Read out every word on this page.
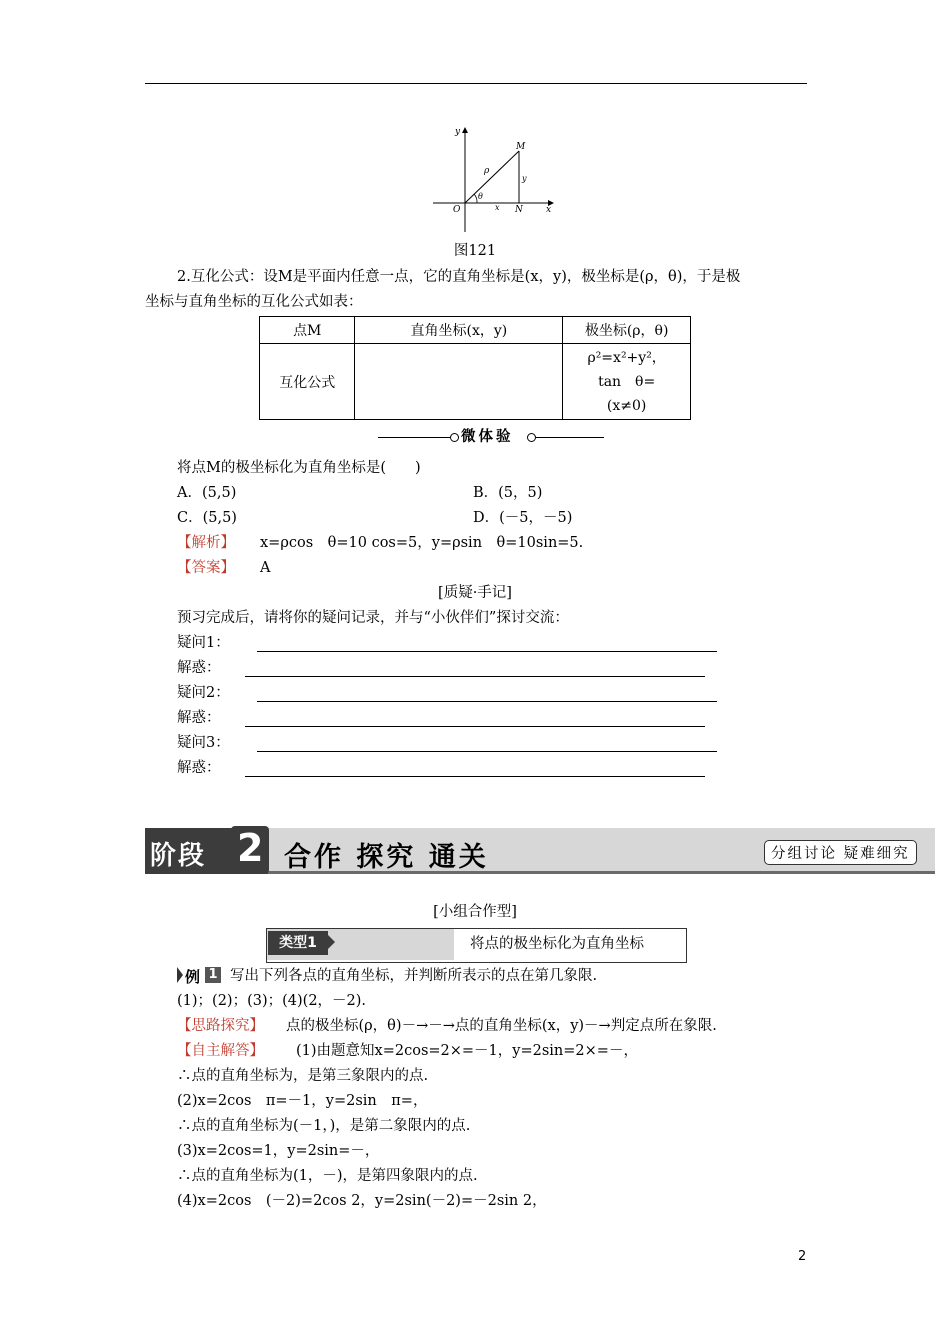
y
x
O
M
N
ρ
θ
x
y
图121
2.互化公式：设M是平面内任意一点，它的直角坐标是(x，y)，极坐标是(ρ，θ)，于是极
坐标与直角坐标的互化公式如表：
点M	直角坐标(x，y)	极坐标(ρ，θ)
互化公式		ρ²=x²+y²，
tan　θ=
(x≠0)
微体验
将点M的极坐标化为直角坐标是(　　)
A．(5,5)	B．(5，5)
C．(5,5)	D．(－5，－5)
【解析】 x=ρcos　θ=10 cos=5，y=ρsin　θ=10sin=5.
【答案】 A
[质疑·手记]
预习完成后，请将你的疑问记录，并与“小伙伴们”探讨交流：
疑问1：
解惑：
疑问2：
解惑：
疑问3：
解惑：
阶段 2 合作 探究 通关	分组讨论 疑难细究
[小组合作型]
类型1	将点的极坐标化为直角坐标
例 1 写出下列各点的直角坐标，并判断所表示的点在第几象限.
(1)；(2)；(3)；(4)(2，－2).
【思路探究】 点的极坐标(ρ，θ)－→－→点的直角坐标(x，y)－→判定点所在象限.
【自主解答】 (1)由题意知x=2cos=2×=－1，y=2sin=2×=－，
∴点的直角坐标为，是第三象限内的点.
(2)x=2cos　π=－1，y=2sin　π=，
∴点的直角坐标为(－1，)，是第二象限内的点.
(3)x=2cos=1，y=2sin=－，
∴点的直角坐标为(1，－)，是第四象限内的点.
(4)x=2cos　(－2)=2cos 2，y=2sin(－2)=－2sin 2，
2
